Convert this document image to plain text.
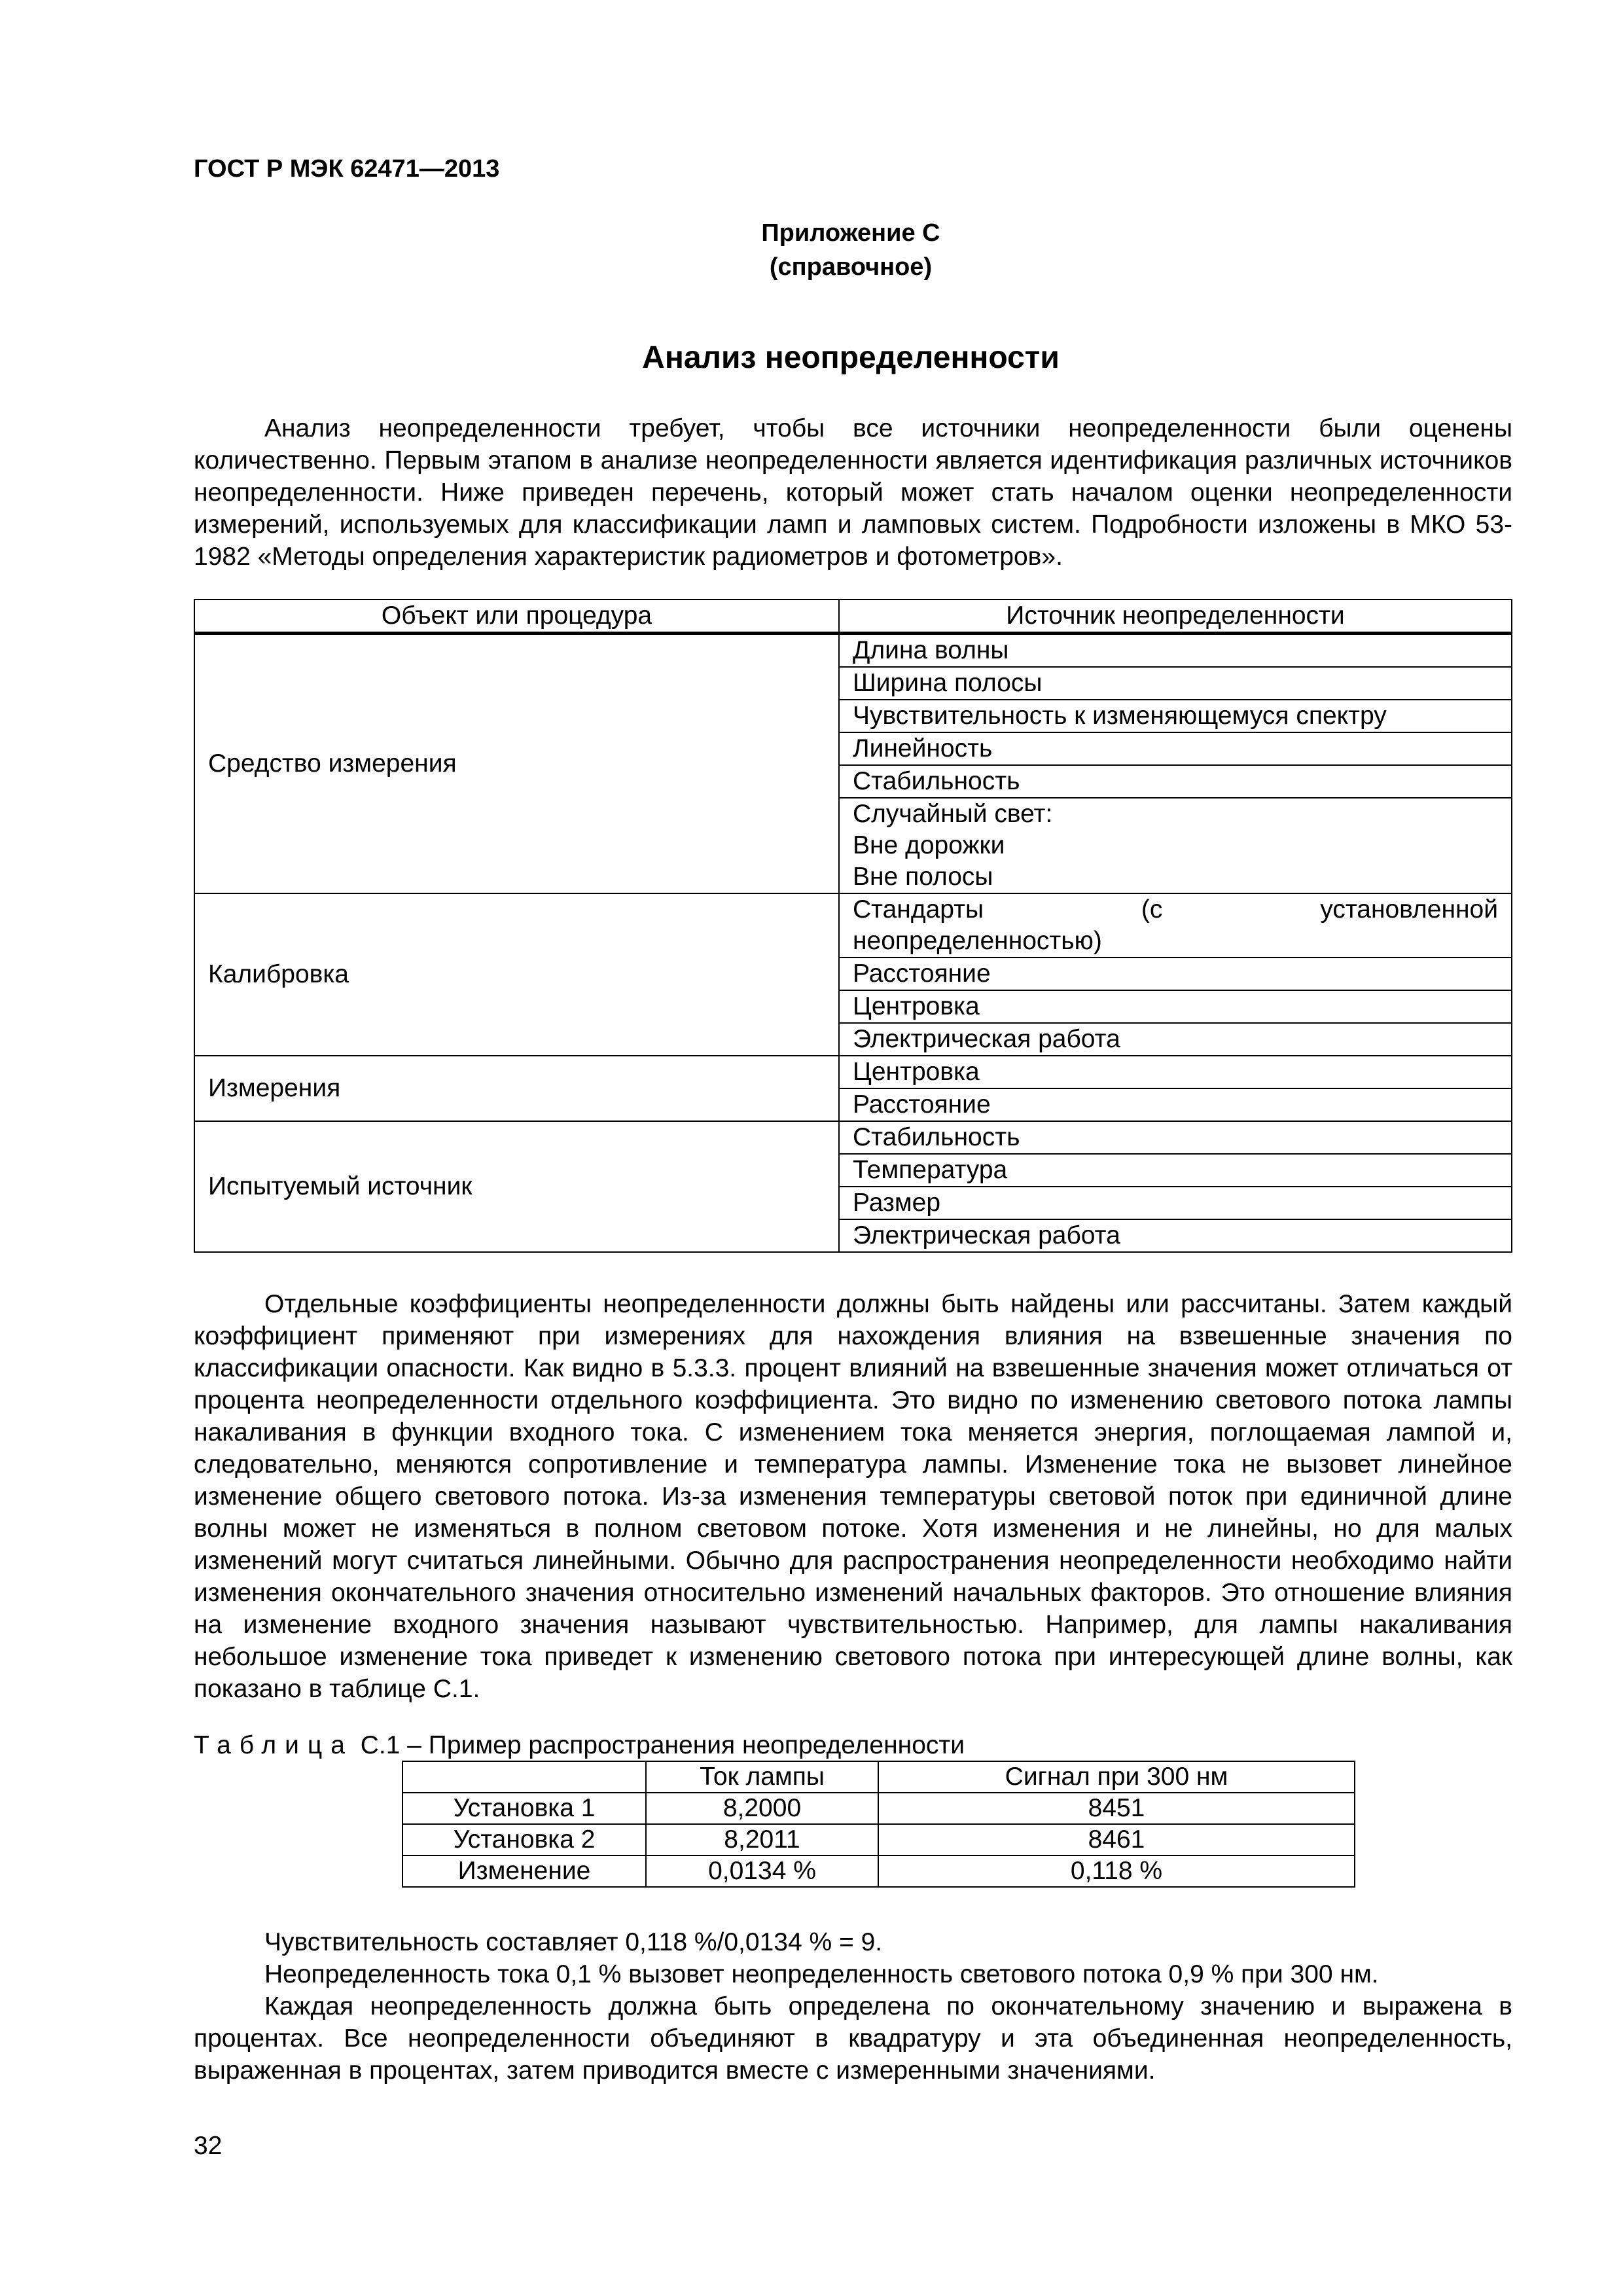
ГОСТ Р МЭК 62471—2013
Приложение С
(справочное)
Анализ неопределенности

Анализ неопределенности требует, чтобы все источники неопределенности были оценены количественно. Первым этапом в анализе неопределенности является идентификация различных источников неопределенности. Ниже приведен перечень, который может стать началом оценки неопределенности измерений, используемых для классификации ламп и ламповых систем. Подробности изложены в МКО 53-1982 «Методы определения характеристик радиометров и фотометров».

Объект или процедура	Источник неопределенности
Средство измерения	Длина волны
	Ширина полосы
	Чувствительность к изменяющемуся спектру
	Линейность
	Стабильность

	Случайный свет:
Вне дорожки
Вне полосы

Калибровка	Стандарты (с установленной
неопределенностью)

	Расстояние
	Центровка
	Электрическая работа
Измерения	Центровка
	Расстояние
Испытуемый источник	Стабильность
	Температура
	Размер
	Электрическая работа

Отдельные коэффициенты неопределенности должны быть найдены или рассчитаны. Затем каждый коэффициент применяют при измерениях для нахождения влияния на взвешенные значения по классификации опасности. Как видно в 5.3.3. процент влияний на взвешенные значения может отличаться от процента неопределенности отдельного коэффициента. Это видно по изменению светового потока лампы накаливания в функции входного тока. С изменением тока меняется энергия, поглощаемая лампой и, следовательно, меняются сопротивление и температура лампы. Изменение тока не вызовет линейное изменение общего светового потока. Из-за изменения температуры световой поток при единичной длине волны может не изменяться в полном световом потоке. Хотя изменения и не линейны, но для малых изменений могут считаться линейными. Обычно для распространения неопределенности необходимо найти изменения окончательного значения относительно изменений начальных факторов. Это отношение влияния на изменение входного значения называют чувствительностью. Например, для лампы накаливания небольшое изменение тока приведет к изменению светового потока при интересующей длине волны, как показано в таблице С.1.

Таблица С.1 – Пример распространения неопределенности
	Ток лампы	Сигнал при 300 нм
Установка 1	8,2000	8451
Установка 2	8,2011	8461
Изменение	0,0134 %	0,118 %

Чувствительность составляет 0,118 %/0,0134 % = 9.

Неопределенность тока 0,1 % вызовет неопределенность светового потока 0,9 % при 300 нм.

Каждая неопределенность должна быть определена по окончательному значению и выражена в процентах. Все неопределенности объединяют в квадратуру и эта объединенная неопределенность, выраженная в процентах, затем приводится вместе с измеренными значениями.

32
